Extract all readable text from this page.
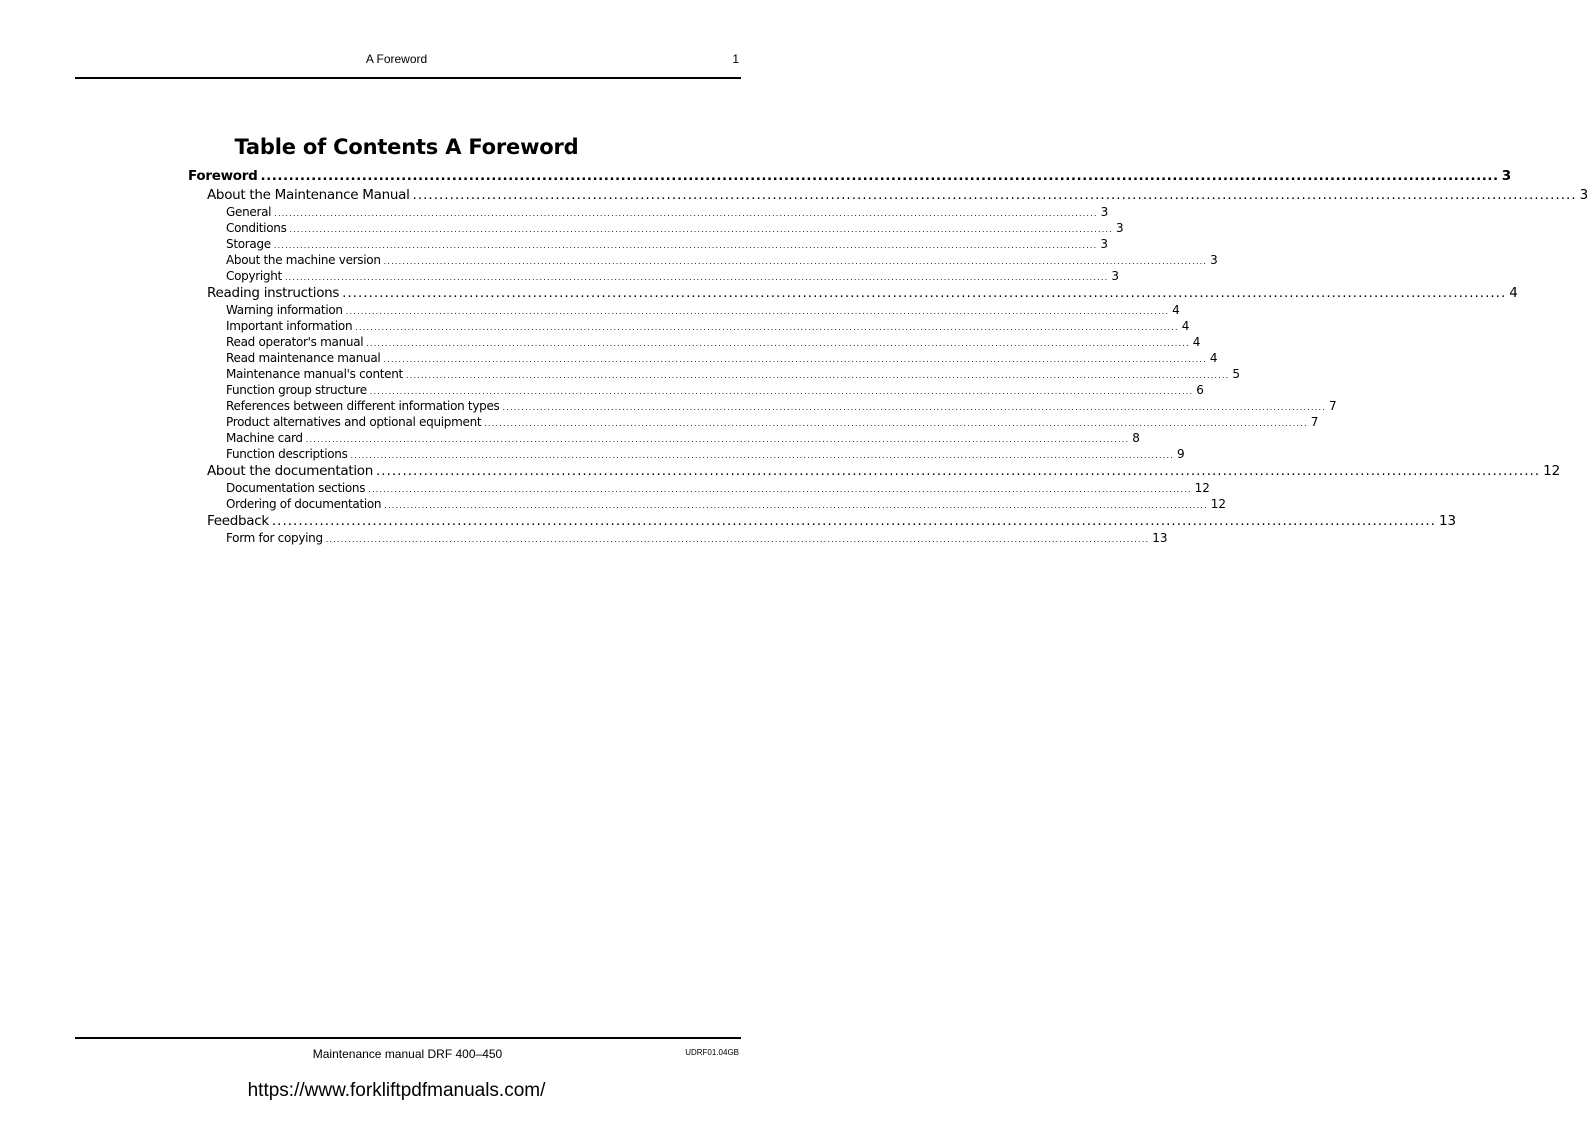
A Foreword	1
Table of Contents A Foreword
Foreword ............................................................................................................................................................................................................................ 3
About the Maintenance Manual ............................................................................................................................................................................................................................ 3
General ............................................................................................................................................................................................................................ 3
Conditions ............................................................................................................................................................................................................................ 3
Storage ............................................................................................................................................................................................................................ 3
About the machine version ............................................................................................................................................................................................................................ 3
Copyright ............................................................................................................................................................................................................................ 3
Reading instructions ............................................................................................................................................................................................................................ 4
Warning information ............................................................................................................................................................................................................................ 4
Important information ............................................................................................................................................................................................................................ 4
Read operator's manual ............................................................................................................................................................................................................................ 4
Read maintenance manual ............................................................................................................................................................................................................................ 4
Maintenance manual's content ............................................................................................................................................................................................................................ 5
Function group structure ............................................................................................................................................................................................................................ 6
References between different information types ............................................................................................................................................................................................................................ 7
Product alternatives and optional equipment ............................................................................................................................................................................................................................ 7
Machine card ............................................................................................................................................................................................................................ 8
Function descriptions ............................................................................................................................................................................................................................ 9
About the documentation ............................................................................................................................................................................................................................ 12
Documentation sections ............................................................................................................................................................................................................................ 12
Ordering of documentation ............................................................................................................................................................................................................................ 12
Feedback ............................................................................................................................................................................................................................ 13
Form for copying ............................................................................................................................................................................................................................ 13
Maintenance manual DRF 400–450	UDRF01.04GB
https://www.forkliftpdfmanuals.com/
